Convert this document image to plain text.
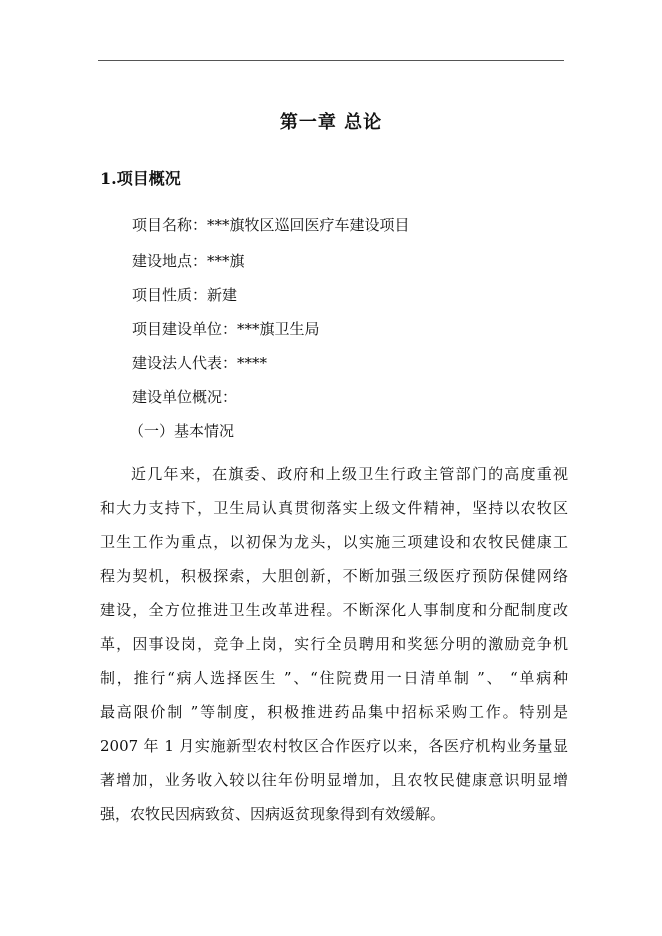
第一章 总论
1.项目概况
项目名称：***旗牧区巡回医疗车建设项目
建设地点：***旗
项目性质：新建
项目建设单位：***旗卫生局
建设法人代表：****
建设单位概况：
（一）基本情况
近几年来，在旗委、政府和上级卫生行政主管部门的高度重视
和大力支持下，卫生局认真贯彻落实上级文件精神，坚持以农牧区
卫生工作为重点，以初保为龙头，以实施三项建设和农牧民健康工
程为契机，积极探索，大胆创新，不断加强三级医疗预防保健网络
建设，全方位推进卫生改革进程。不断深化人事制度和分配制度改
革，因事设岗，竞争上岗，实行全员聘用和奖惩分明的激励竞争机
制，推行“病人选择医生 ”、“住院费用一日清单制 ”、 “单病种
最高限价制 ”等制度，积极推进药品集中招标采购工作。特别是
2007 年 1 月实施新型农村牧区合作医疗以来，各医疗机构业务量显
著增加，业务收入较以往年份明显增加，且农牧民健康意识明显增
强，农牧民因病致贫、因病返贫现象得到有效缓解。
